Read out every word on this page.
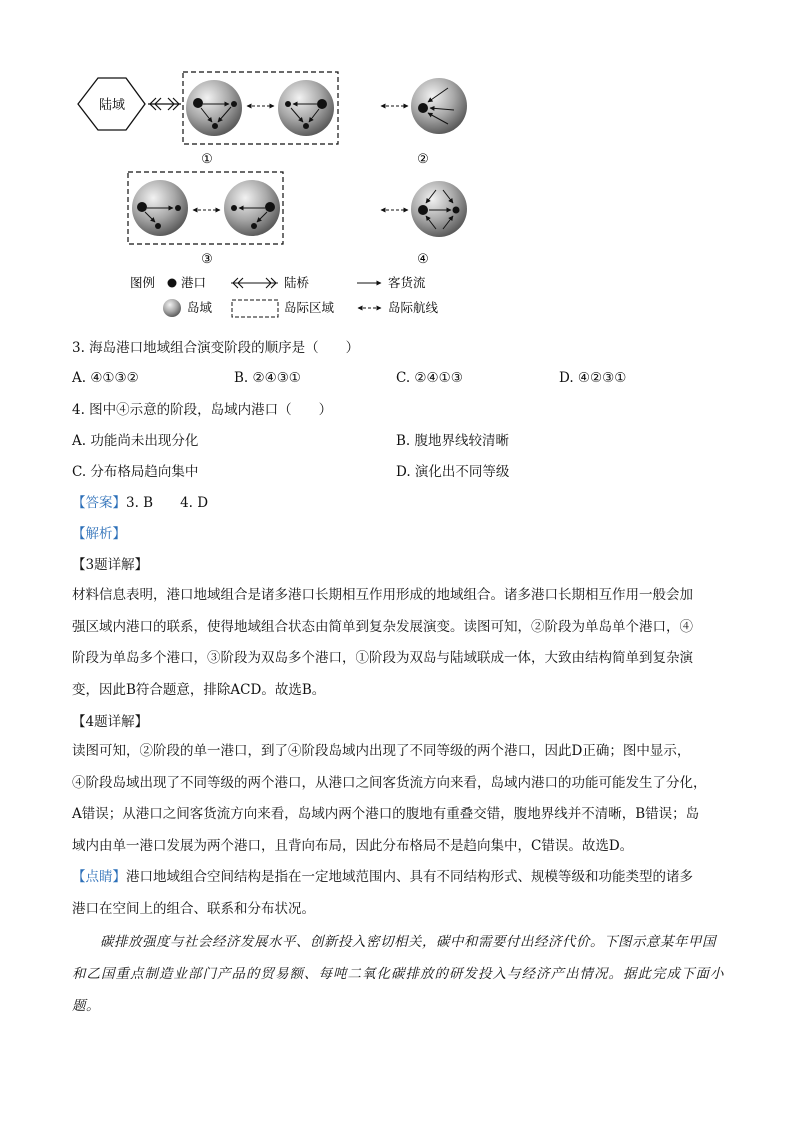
陆域
①	②
③	④
图例 港口	陆桥	客货流
岛域	岛际区域	岛际航线
3. 海岛港口地域组合演变阶段的顺序是（　　）
A. ④①③②	B. ②④③①	C. ②④①③	D. ④②③①
4. 图中④示意的阶段，岛域内港口（　　）
A. 功能尚未出现分化	B. 腹地界线较清晰
C. 分布格局趋向集中	D. 演化出不同等级
【答案】3. B　　4. D
【解析】
【3题详解】
材料信息表明，港口地域组合是诸多港口长期相互作用形成的地域组合。诸多港口长期相互作用一般会加
强区域内港口的联系，使得地域组合状态由简单到复杂发展演变。读图可知，②阶段为单岛单个港口，④
阶段为单岛多个港口，③阶段为双岛多个港口，①阶段为双岛与陆域联成一体，大致由结构简单到复杂演
变，因此B符合题意，排除ACD。故选B。
【4题详解】
读图可知，②阶段的单一港口，到了④阶段岛域内出现了不同等级的两个港口，因此D正确；图中显示，
④阶段岛域出现了不同等级的两个港口，从港口之间客货流方向来看，岛域内港口的功能可能发生了分化，
A错误；从港口之间客货流方向来看，岛域内两个港口的腹地有重叠交错，腹地界线并不清晰，B错误；岛
域内由单一港口发展为两个港口，且背向布局，因此分布格局不是趋向集中，C错误。故选D。
【点睛】港口地域组合空间结构是指在一定地域范围内、具有不同结构形式、规模等级和功能类型的诸多
港口在空间上的组合、联系和分布状况。
　　碳排放强度与社会经济发展水平、创新投入密切相关，碳中和需要付出经济代价。下图示意某年甲国
和乙国重点制造业部门产品的贸易额、每吨二氧化碳排放的研发投入与经济产出情况。据此完成下面小题。
